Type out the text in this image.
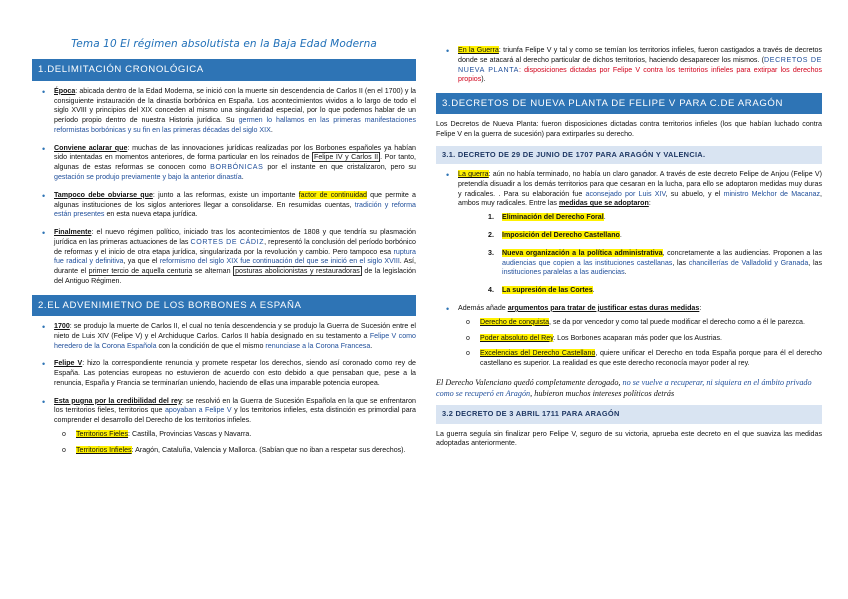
Tema 10 El régimen absolutista en la Baja Edad Moderna
1.DELIMITACIÓN CRONOLÓGICA
• Época: abicada dentro de la Edad Moderna, se inició con la muerte sin descendencia de Carlos II (en el 1700) y la consiguiente instauración de la dinastía borbónica en España. Los acontecimientos vividos a lo largo de todo el siglo XVIII y principios del XIX conceden al mismo una singularidad especial, por lo que podemos hablar de un período propio dentro de nuestra Historia jurídica. Su germen lo hallamos en las primeras manifestaciones reformistas borbónicas y su fin en las primeras décadas del siglo XIX.
• Conviene aclarar que: muchas de las innovaciones jurídicas realizadas por los Borbones españoles ya habían sido intentadas en momentos anteriores, de forma particular en los reinados de Felipe IV y Carlos II . Por tanto, algunas de estas reformas se conocen como BORBÓNICAS por el instante en que cristalizaron, pero su gestación se produjo previamente y bajo la anterior dinastía.
• Tampoco debe obviarse que: junto a las reformas, existe un importante factor de continuidad que permite a algunas instituciones de los siglos anteriores llegar a consolidarse. En resumidas cuentas, tradición y reforma están presentes en esta nueva etapa jurídica.
• Finalmente: el nuevo régimen político, iniciado tras los acontecimientos de 1808 y que tendría su plasmación jurídica en las primeras actuaciones de las CORTES DE CÁDIZ, representó la conclusión del período borbónico de reformas y el inicio de otra etapa jurídica, singularizada por la revolución y cambio. Pero tampoco esa ruptura fue radical y definitiva, ya que el reformismo del siglo XIX fue continuación del que se inició en el siglo XVIII. Así, durante el primer tercio de aquella centuria se alternan posturas abolicionistas y restauradoras de la legislación del Antiguo Régimen.
2.EL ADVENIMIETNO DE LOS BORBONES A ESPAÑA
• 1700: se produjo la muerte de Carlos II, el cual no tenía descendencia y se produjo la Guerra de Sucesión entre el nieto de Luis XIV (Felipe V) y el Archiduque Carlos. Carlos II había designado en su testamento a Felipe V como heredero de la Corona Española con la condición de que el mismo renunciase a la Corona Francesa.
• Felipe V: hizo la correspondiente renuncia y promete respetar los derechos, siendo así coronado como rey de España. Las potencias europeas no estuvieron de acuerdo con esto debido a que pensaban que, pese a la renuncia, España y Francia se terminarían uniendo, haciendo de ellas una imparable potencia europea.
• Esta pugna por la credibilidad del rey: se resolvió en la Guerra de Sucesión Española en la que se enfrentaron los territorios fieles, territorios que apoyaban a Felipe V y los territorios infieles, esta distinción es primordial para comprender el desarrollo del Derecho de los territorios infieles.
o Territorios Fieles: Castilla, Provincias Vascas y Navarra.
o Territorios Infieles: Aragón, Cataluña, Valencia y Mallorca. (Sabían que no iban a respetar sus derechos).
• En la Guerra: triunfa Felipe V y tal y como se temían los territorios infieles, fueron castigados a través de decretos donde se atacará al derecho particular de dichos territorios, haciendo desaparecer los mismos. (DECRETOS DE NUEVA PLANTA: disposiciones dictadas por Felipe V contra los territorios infieles para extirpar los derechos propios).
3.DECRETOS DE NUEVA PLANTA DE FELIPE V PARA C.DE ARAGÓN

Los Decretos de Nueva Planta: fueron disposiciones dictadas contra territorios infieles (los que habían luchado contra Felipe V en la guerra de sucesión) para extirparles su derecho.

3.1. DECRETO DE 29 DE JUNIO DE 1707 PARA ARAGÓN Y VALENCIA.
• La guerra: aún no había terminado, no había un claro ganador. A través de este decreto Felipe de Anjou (Felipe V) pretendía disuadir a los demás territorios para que cesaran en la lucha, para ello se adoptaron medidas muy duras y radicales. . Para su elaboración fue aconsejado por Luis XIV, su abuelo, y el ministro Melchor de Macanaz, ambos muy radicales. Entre las medidas que se adoptaron:
1. Eliminación del Derecho Foral.
2. Imposición del Derecho Castellano.
3. Nueva organización a la política administrativa, concretamente a las audiencias. Proponen a las audiencias que copien a las instituciones castellanas, las chancillerías de Valladolid y Granada, las instituciones paralelas a las audiencias.
4. La supresión de las Cortes.
• Además añade argumentos para tratar de justificar estas duras medidas:
o Derecho de conquista, se da por vencedor y como tal puede modificar el derecho como a él le parezca.
o Poder absoluto del Rey. Los Borbones acaparan más poder que los Austrias.
o Excelencias del Derecho Castellano, quiere unificar el Derecho en toda España porque para él el derecho castellano es superior. La realidad es que este derecho reconocía mayor poder al rey.

El Derecho Valenciano quedó completamente derogado, no se vuelve a recuperar, ni siquiera en el ámbito privado como se recuperó en Aragón, hubieron muchos intereses políticos detrás

3.2 DECRETO DE 3 ABRIL 1711 PARA ARAGÓN

La guerra seguía sin finalizar pero Felipe V, seguro de su victoria, aprueba este decreto en el que suaviza las medidas adoptadas anteriormente.
